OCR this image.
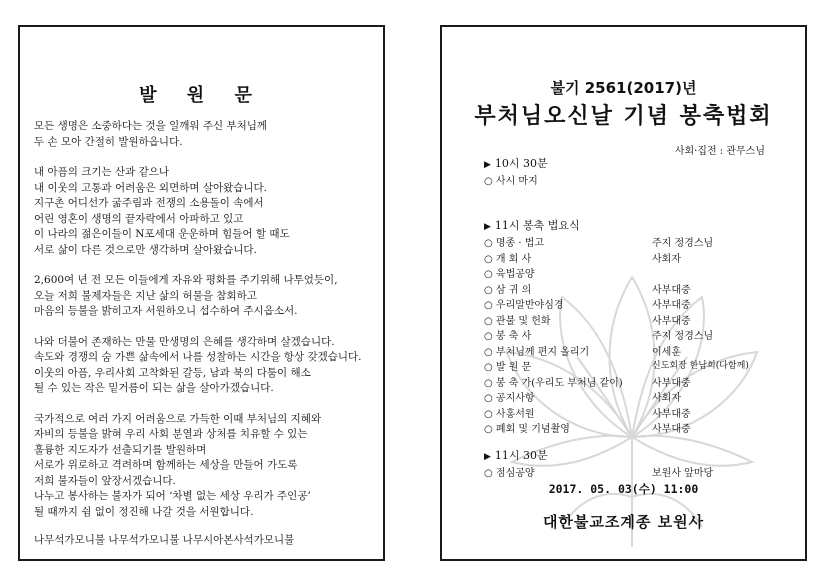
발 원 문
모든 생명은 소중하다는 것을 일깨워 주신 부처님께
두 손 모아 간절히 발원하옵니다.
내 아픔의 크기는 산과 같으나
내 이웃의 고통과 어려움은 외면하며 살아왔습니다.
지구촌 어디선가 굶주림과 전쟁의 소용돌이 속에서
어린 영혼이 생명의 끝자락에서 아파하고 있고
이 나라의 젊은이들이 N포세대 운운하며 힘들어 할 때도
서로 삶이 다른 것으로만 생각하며 살아왔습니다.
2,600여 년 전 모든 이들에게 자유와 평화를 주기위해 나투었듯이,
오늘 저희 불제자들은 지난 삶의 허물을 참회하고
마음의 등불을 밝히고자 서원하오니 섭수하여 주시옵소서.
나와 더불어 존재하는 만물 만생명의 은혜를 생각하며 살겠습니다.
속도와 경쟁의 숨 가쁜 삶속에서 나를 성찰하는 시간을 항상 갖겠습니다.
이웃의 아픔, 우리사회 고착화된 갈등, 남과 북의 다툼이 해소
될 수 있는 작은 밑거름이 되는 삶을 살아가겠습니다.
국가적으로 여러 가지 어려움으로 가득한 이때 부처님의 지혜와
자비의 등불을 밝혀 우리 사회 분열과 상처를 치유할 수 있는
훌륭한 지도자가 선출되기를 발원하며
서로가 위로하고 격려하며 함께하는 세상을 만들어 가도록
저희 불자들이 앞장서겠습니다.
나누고 봉사하는 불자가 되어 ‘차별 없는 세상 우리가 주인공’
될 때까지 쉼 없이 정진해 나갈 것을 서원합니다.
나무석가모니불 나무석가모니불 나무시아본사석가모니불
불기 2561(2017)년
부처님오신날 기념 봉축법회
사회·집전 : 관무스님
▶ 10시 30분
○ 사시 마지
▶ 11시 봉축 법요식
○ 명종 · 법고	주지 정경스님
○ 개 회 사	사회자
○ 육법공양
○ 삼 귀 의	사부대중
○ 우리말반야심경	사부대중
○ 관불 및 헌화	사부대중
○ 봉 축 사	주지 정경스님
○ 부처님께 편지 올리기	이세훈
○ 발 원 문	신도회장 한남희(다함께)
○ 봉 축 가(우리도 부처님 같이)	사부대중
○ 공지사항	사회자
○ 사홍서원	사부대중
○ 폐회 및 기념촬영	사부대중
▶ 11시 30분
○ 점심공양	보원사 앞마당
2017. 05. 03(수) 11:00
대한불교조계종 보원사
